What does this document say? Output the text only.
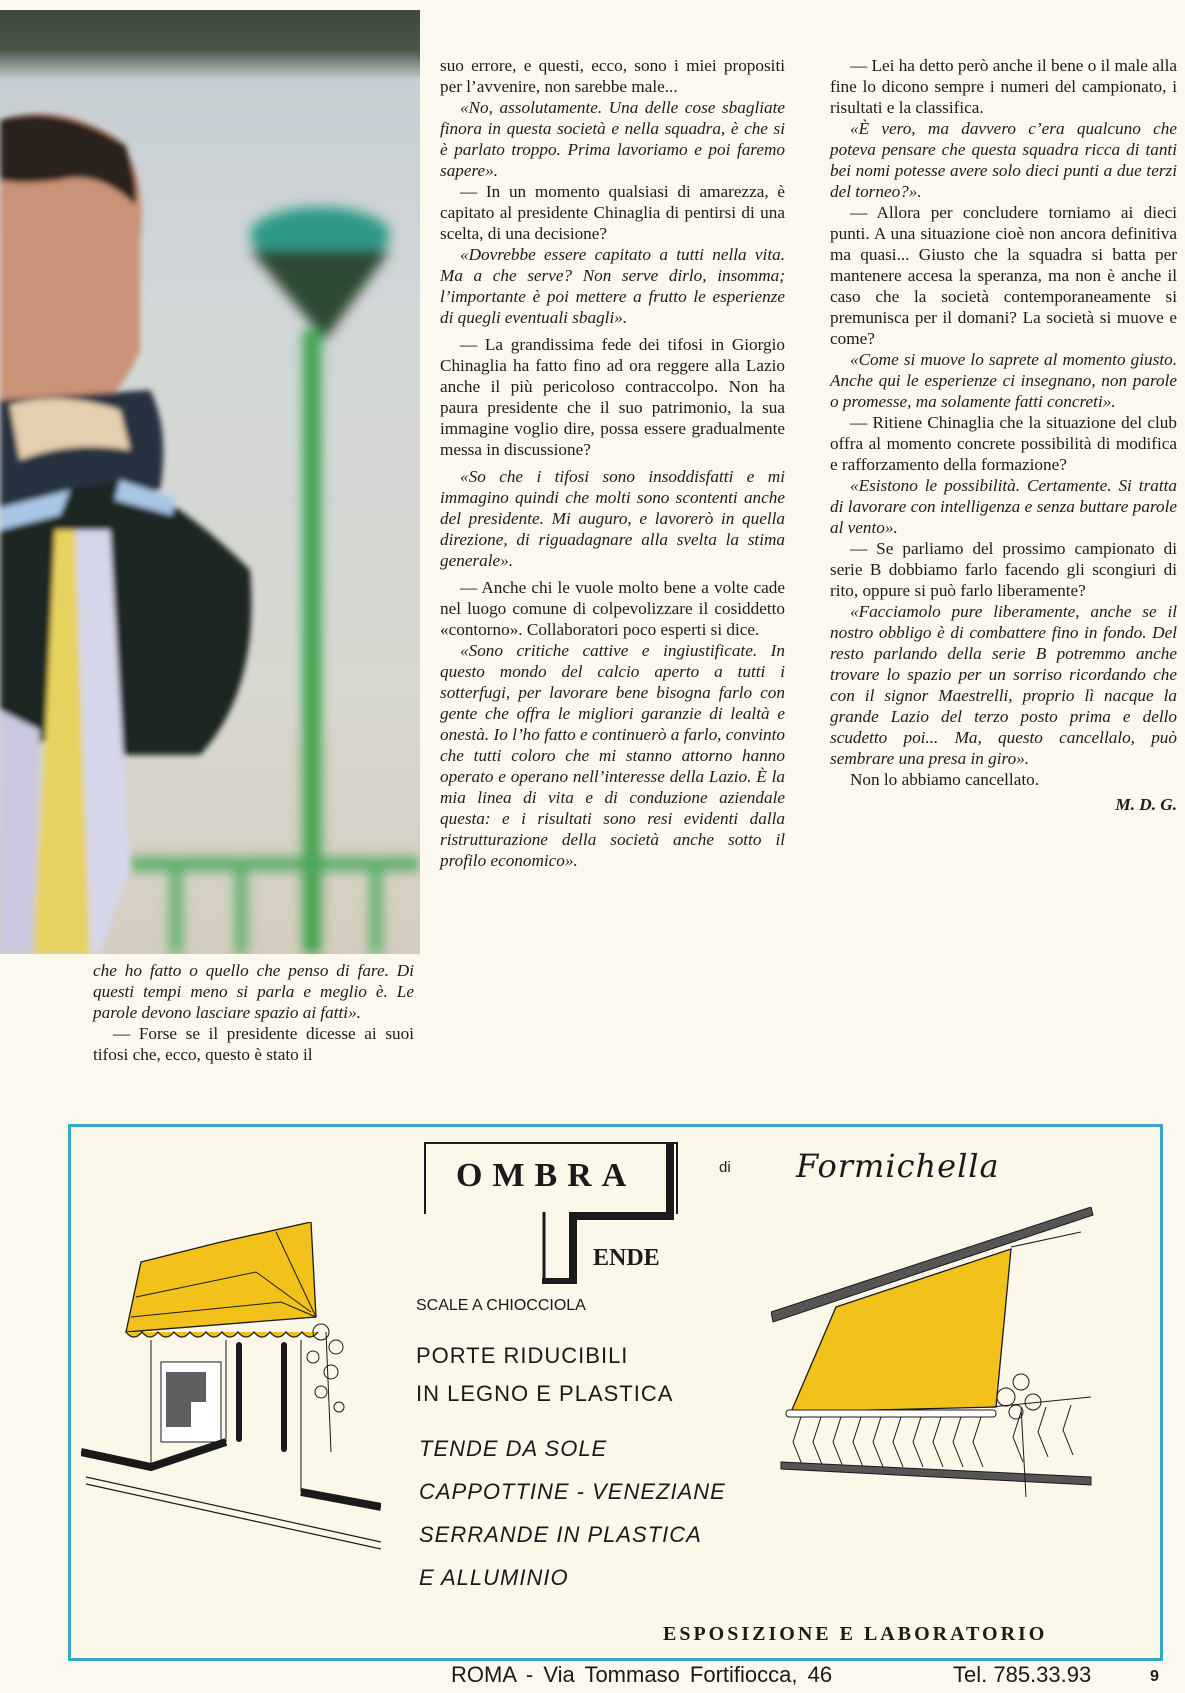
che ho fatto o quello che penso di fare. Di questi tempi meno si parla e meglio è. Le parole devono lasciare spazio ai fatti».

— Forse se il presidente dicesse ai suoi tifosi che, ecco, questo è stato il

suo errore, e questi, ecco, sono i miei propositi per l’avvenire, non sarebbe male...

«No, assolutamente. Una delle cose sbagliate finora in questa società e nella squadra, è che si è parlato troppo. Prima lavoriamo e poi faremo sapere».

— In un momento qualsiasi di amarezza, è capitato al presidente Chinaglia di pentirsi di una scelta, di una decisione?

«Dovrebbe essere capitato a tutti nella vita. Ma a che serve? Non serve dirlo, insomma; l’importante è poi mettere a frutto le esperienze di quegli eventuali sbagli».

— La grandissima fede dei tifosi in Giorgio Chinaglia ha fatto fino ad ora reggere alla Lazio anche il più pericoloso contraccolpo. Non ha paura presidente che il suo patrimonio, la sua immagine voglio dire, possa essere gradualmente messa in discussione?

«So che i tifosi sono insoddisfatti e mi immagino quindi che molti sono scontenti anche del presidente. Mi auguro, e lavorerò in quella direzione, di riguadagnare alla svelta la stima generale».

— Anche chi le vuole molto bene a volte cade nel luogo comune di colpevolizzare il cosiddetto «contorno». Collaboratori poco esperti si dice.

«Sono critiche cattive e ingiustificate. In questo mondo del calcio aperto a tutti i sotterfugi, per lavorare bene bisogna farlo con gente che offra le migliori garanzie di lealtà e onestà. Io l’ho fatto e continuerò a farlo, convinto che tutti coloro che mi stanno attorno hanno operato e operano nell’interesse della Lazio. È la mia linea di vita e di conduzione aziendale questa: e i risultati sono resi evidenti dalla ristrutturazione della società anche sotto il profilo economico».

— Lei ha detto però anche il bene o il male alla fine lo dicono sempre i numeri del campionato, i risultati e la classifica.

«È vero, ma davvero c’era qualcuno che poteva pensare che questa squadra ricca di tanti bei nomi potesse avere solo dieci punti a due terzi del torneo?».

— Allora per concludere torniamo ai dieci punti. A una situazione cioè non ancora definitiva ma quasi... Giusto che la squadra si batta per mantenere accesa la speranza, ma non è anche il caso che la società contemporaneamente si premunisca per il domani? La società si muove e come?

«Come si muove lo saprete al momento giusto. Anche qui le esperienze ci insegnano, non parole o promesse, ma solamente fatti concreti».

— Ritiene Chinaglia che la situazione del club offra al momento concrete possibilità di modifica e rafforzamento della formazione?

«Esistono le possibilità. Certamente. Si tratta di lavorare con intelligenza e senza buttare parole al vento».

— Se parliamo del prossimo campionato di serie B dobbiamo farlo facendo gli scongiuri di rito, oppure si può farlo liberamente?

«Facciamolo pure liberamente, anche se il nostro obbligo è di combattere fino in fondo. Del resto parlando della serie B potremmo anche trovare lo spazio per un sorriso ricordando che con il signor Maestrelli, proprio lì nacque la grande Lazio del terzo posto prima e dello scudetto poi... Ma, questo cancellalo, può sembrare una presa in giro».

Non lo abbiamo cancellato.

M. D. G.
OMBRA
ENDE
di Formichella
SCALE A CHIOCCIOLA
PORTE RIDUCIBILI
IN LEGNO E PLASTICA
TENDE DA SOLE
CAPPOTTINE - VENEZIANE
SERRANDE IN PLASTICA
E ALLUMINIO
ESPOSIZIONE E LABORATORIO
ROMA - Via Tommaso Fortifiocca, 46	Tel. 785.33.93	9
